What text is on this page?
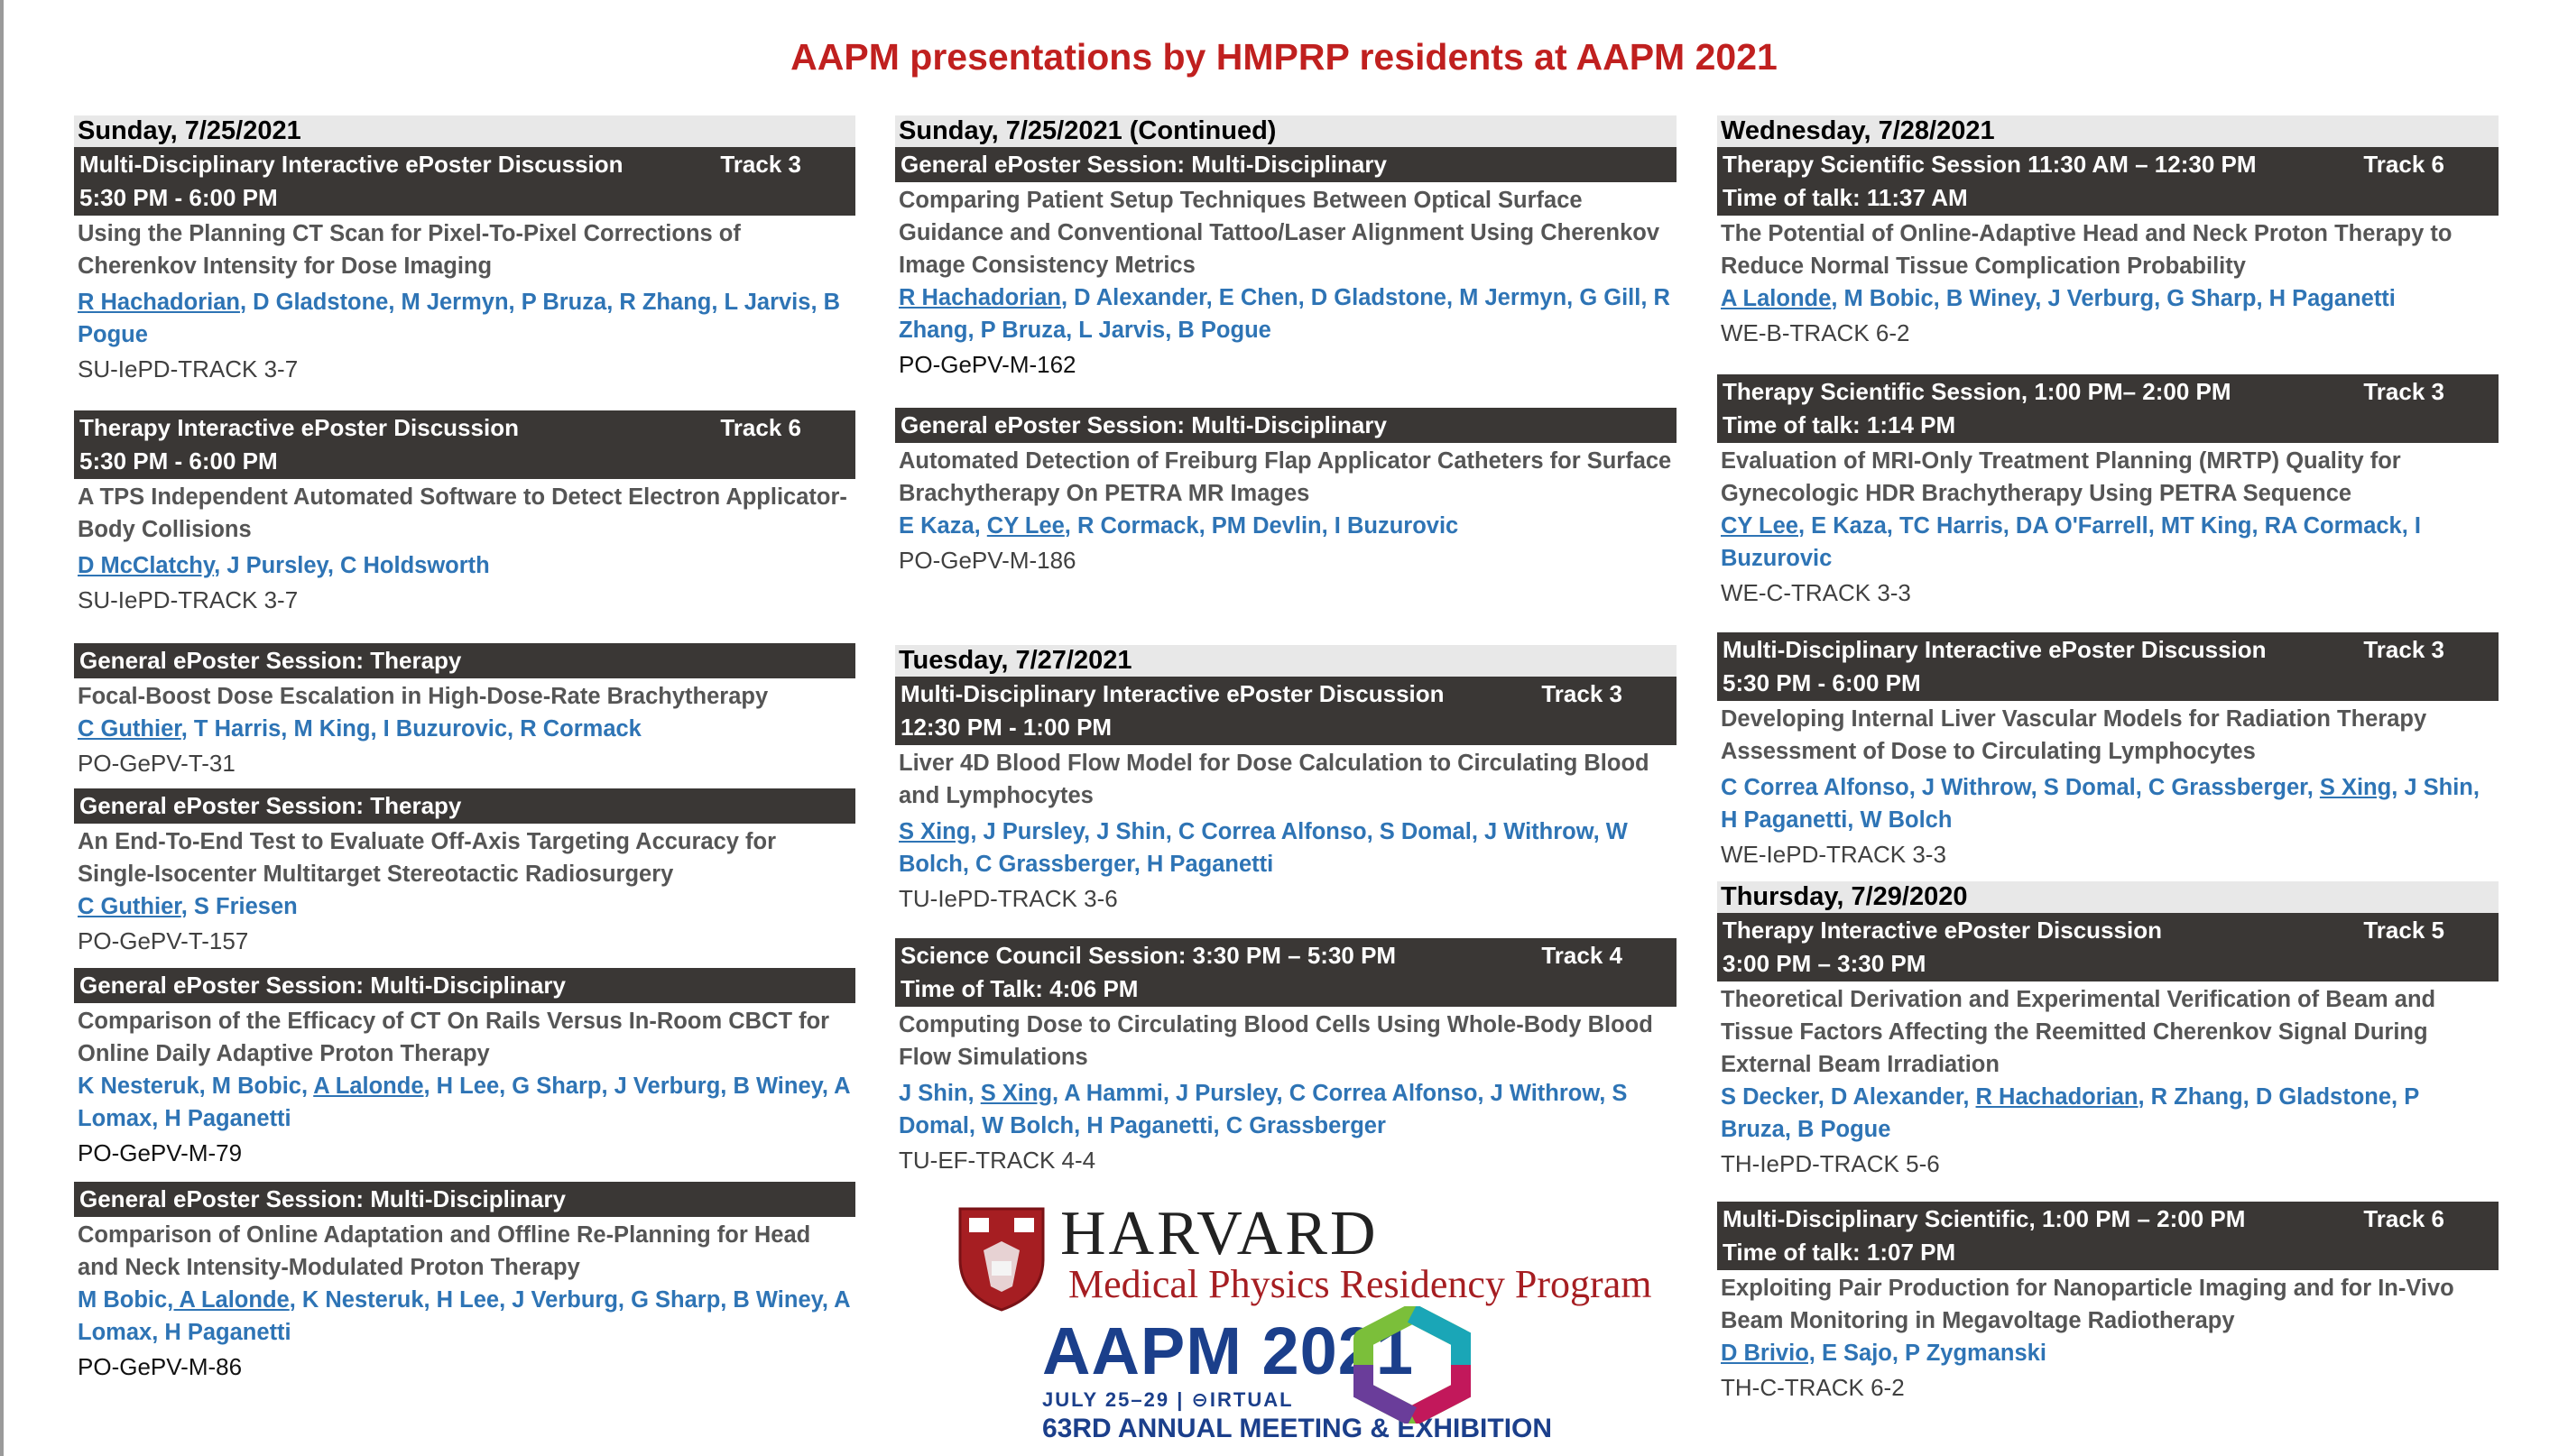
AAPM presentations by HMPRP residents at AAPM 2021
Sunday, 7/25/2021
Multi-Disciplinary Interactive ePoster Discussion	Track 3
5:30 PM - 6:00 PM
Using the Planning CT Scan for Pixel-To-Pixel Corrections of Cherenkov Intensity for Dose Imaging
R Hachadorian, D Gladstone, M Jermyn, P Bruza, R Zhang, L Jarvis, B Pogue
SU-IePD-TRACK 3-7
Therapy Interactive ePoster Discussion	Track 6
5:30 PM - 6:00 PM
A TPS Independent Automated Software to Detect Electron Applicator-Body Collisions
D McClatchy, J Pursley, C Holdsworth
SU-IePD-TRACK 3-7
General ePoster Session: Therapy
Focal-Boost Dose Escalation in High-Dose-Rate Brachytherapy
C Guthier, T Harris, M King, I Buzurovic, R Cormack
PO-GePV-T-31
General ePoster Session: Therapy
An End-To-End Test to Evaluate Off-Axis Targeting Accuracy for Single-Isocenter Multitarget Stereotactic Radiosurgery
C Guthier, S Friesen
PO-GePV-T-157
General ePoster Session: Multi-Disciplinary
Comparison of the Efficacy of CT On Rails Versus In-Room CBCT for Online Daily Adaptive Proton Therapy
K Nesteruk, M Bobic, A Lalonde, H Lee, G Sharp, J Verburg, B Winey, A Lomax, H Paganetti
PO-GePV-M-79
General ePoster Session: Multi-Disciplinary
Comparison of Online Adaptation and Offline Re-Planning for Head and Neck Intensity-Modulated Proton Therapy
M Bobic, A Lalonde, K Nesteruk, H Lee, J Verburg, G Sharp, B Winey, A Lomax, H Paganetti
PO-GePV-M-86
Sunday, 7/25/2021 (Continued)
General ePoster Session: Multi-Disciplinary
Comparing Patient Setup Techniques Between Optical Surface Guidance and Conventional Tattoo/Laser Alignment Using Cherenkov Image Consistency Metrics
R Hachadorian, D Alexander, E Chen, D Gladstone, M Jermyn, G Gill, R Zhang, P Bruza, L Jarvis, B Pogue
PO-GePV-M-162
General ePoster Session: Multi-Disciplinary
Automated Detection of Freiburg Flap Applicator Catheters for Surface Brachytherapy On PETRA MR Images
E Kaza, CY Lee, R Cormack, PM Devlin, I Buzurovic
PO-GePV-M-186
Tuesday, 7/27/2021
Multi-Disciplinary Interactive ePoster Discussion	Track 3
12:30 PM - 1:00 PM
Liver 4D Blood Flow Model for Dose Calculation to Circulating Blood and Lymphocytes
S Xing, J Pursley, J Shin, C Correa Alfonso, S Domal, J Withrow, W Bolch, C Grassberger, H Paganetti
TU-IePD-TRACK 3-6
Science Council Session: 3:30 PM – 5:30 PM	Track 4
Time of Talk: 4:06 PM
Computing Dose to Circulating Blood Cells Using Whole-Body Blood Flow Simulations
J Shin, S Xing, A Hammi, J Pursley, C Correa Alfonso, J Withrow, S Domal, W Bolch, H Paganetti, C Grassberger
TU-EF-TRACK 4-4
Wednesday, 7/28/2021
Therapy Scientific Session 11:30 AM – 12:30 PM	Track 6
Time of talk: 11:37 AM
The Potential of Online-Adaptive Head and Neck Proton Therapy to Reduce Normal Tissue Complication Probability
A Lalonde, M Bobic, B Winey, J Verburg, G Sharp, H Paganetti
WE-B-TRACK 6-2
Therapy Scientific Session, 1:00 PM– 2:00 PM	Track 3
Time of talk: 1:14 PM
Evaluation of MRI-Only Treatment Planning (MRTP) Quality for Gynecologic HDR Brachytherapy Using PETRA Sequence
CY Lee, E Kaza, TC Harris, DA O'Farrell, MT King, RA Cormack, I Buzurovic
WE-C-TRACK 3-3
Multi-Disciplinary Interactive ePoster Discussion	Track 3
5:30 PM - 6:00 PM
Developing Internal Liver Vascular Models for Radiation Therapy Assessment of Dose to Circulating Lymphocytes
C Correa Alfonso, J Withrow, S Domal, C Grassberger, S Xing, J Shin, H Paganetti, W Bolch
WE-IePD-TRACK 3-3
Thursday, 7/29/2020
Therapy Interactive ePoster Discussion	Track 5
3:00 PM – 3:30 PM
Theoretical Derivation and Experimental Verification of Beam and Tissue Factors Affecting the Reemitted Cherenkov Signal During External Beam Irradiation
S Decker, D Alexander, R Hachadorian, R Zhang, D Gladstone, P Bruza, B Pogue
TH-IePD-TRACK 5-6
Multi-Disciplinary Scientific, 1:00 PM – 2:00 PM	Track 6
Time of talk: 1:07 PM
Exploiting Pair Production for Nanoparticle Imaging and for In-Vivo Beam Monitoring in Megavoltage Radiotherapy
D Brivio, E Sajo, P Zygmanski
TH-C-TRACK 6-2
HARVARD
Medical Physics Residency Program
AAPM 2021
JULY 25–29 | ⊖IRTUAL
63RD ANNUAL MEETING & EXHIBITION
